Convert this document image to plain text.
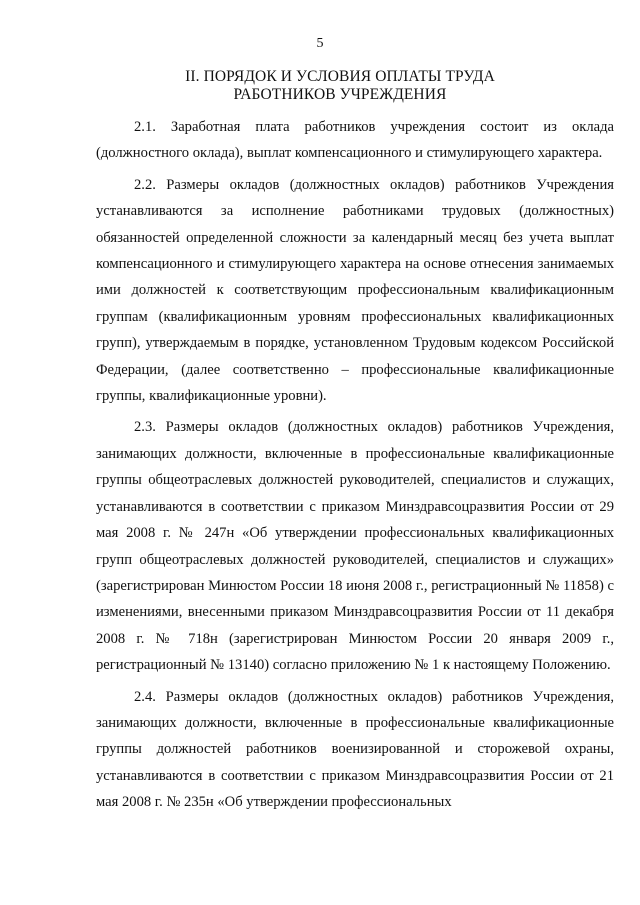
5
II. ПОРЯДОК И УСЛОВИЯ ОПЛАТЫ ТРУДА РАБОТНИКОВ УЧРЕЖДЕНИЯ

2.1. Заработная плата работников учреждения состоит из оклада (должностного оклада), выплат компенсационного и стимулирующего характера.

2.2. Размеры окладов (должностных окладов) работников Учреждения устанавливаются за исполнение работниками трудовых (должностных) обязанностей определенной сложности за календарный месяц без учета выплат компенсационного и стимулирующего характера на основе отнесения занимаемых ими должностей к соответствующим профессиональным квалификационным группам (квалификационным уровням профессиональных квалификационных групп), утверждаемым в порядке, установленном Трудовым кодексом Российской Федерации, (далее соответственно – профессиональные квалификационные группы, квалификационные уровни).

2.3. Размеры окладов (должностных окладов) работников Учреждения, занимающих должности, включенные в профессиональные квалификационные группы общеотраслевых должностей руководителей, специалистов и служащих, устанавливаются в соответствии с приказом Минздравсоцразвития России от 29 мая 2008 г. № 247н «Об утверждении профессиональных квалификационных групп общеотраслевых должностей руководителей, специалистов и служащих» (зарегистрирован Минюстом России 18 июня 2008 г., регистрационный № 11858) с изменениями, внесенными приказом Минздравсоцразвития России от 11 декабря 2008 г. № 718н (зарегистрирован Минюстом России 20 января 2009 г., регистрационный № 13140) согласно приложению № 1 к настоящему Положению.

2.4. Размеры окладов (должностных окладов) работников Учреждения, занимающих должности, включенные в профессиональные квалификационные группы должностей работников военизированной и сторожевой охраны, устанавливаются в соответствии с приказом Минздравсоцразвития России от 21 мая 2008 г. № 235н «Об утверждении профессиональных
